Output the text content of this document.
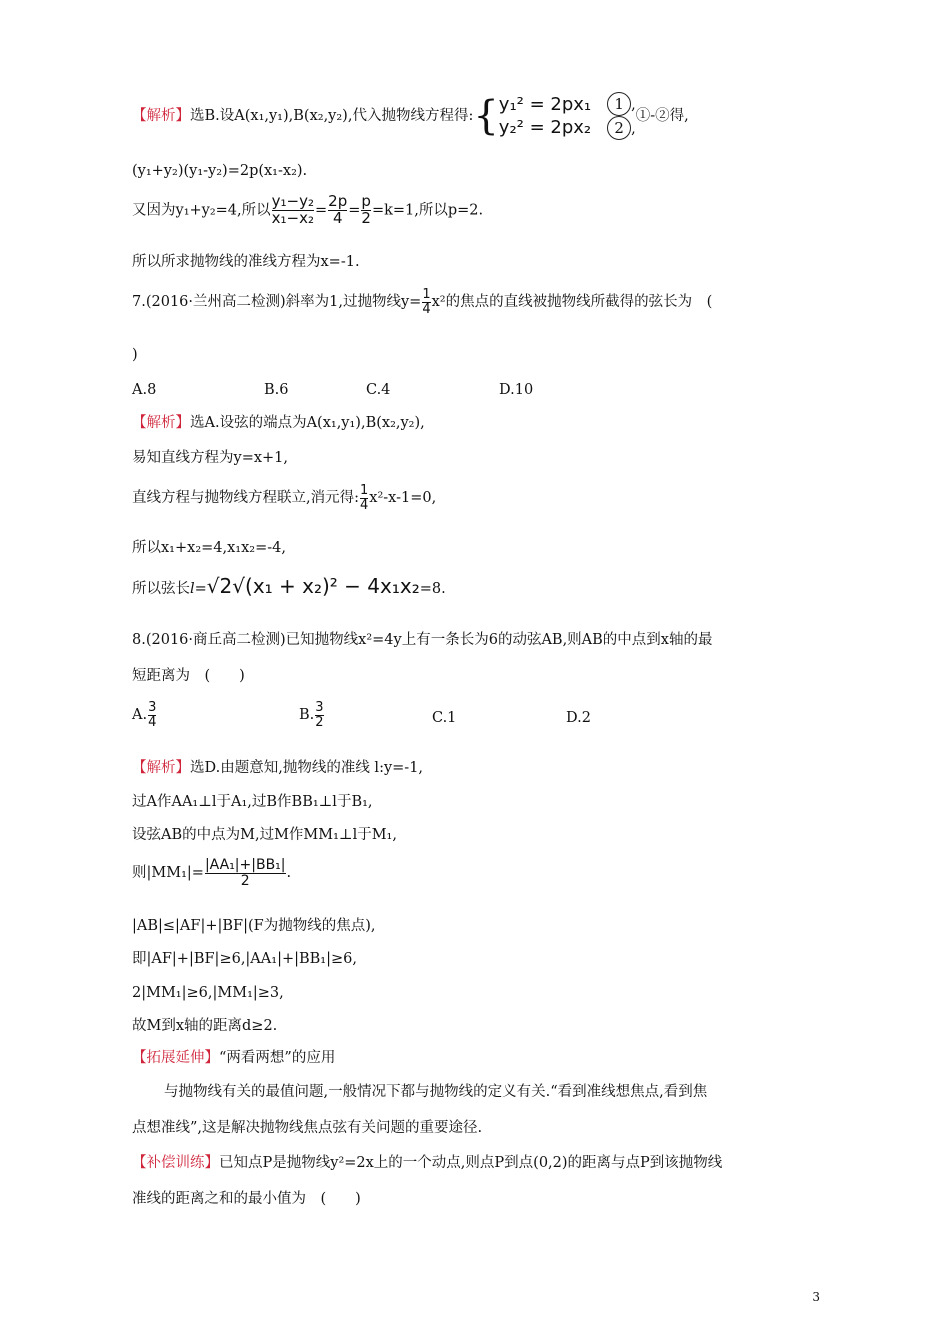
【解析】选B.设A(x₁,y₁),B(x₂,y₂),代入抛物线方程得:{y₁² = 2px₁
y₂² = 2px₂1 ,
2 ,①-②得,
(y₁+y₂)(y₁-y₂)=2p(x₁-x₂).
又因为y₁+y₂=4,所以 $\frac{\text{y₁−y₂}}{\text{x₁−x₂}} = \frac{2p}{4} = \frac{p}{2} =k=1$,所以p=2.
所以所求抛物线的准线方程为x=-1.
7.(2016·兰州高二检测)斜率为1,过抛物线$y= \frac{1}{4} x^2$的焦点的直线被抛物线所截得的弦长为　(
)
A.8	B.6	C.4	D.10
【解析】选A.设弦的端点为A(x₁,y₁),B(x₂,y₂),
易知直线方程为y=x+1,
直线方程与抛物线方程联立,消元得: $\frac{1}{4} x^2-x-1=0$,
所以x₁+x₂=4,x₁x₂=-4,
所以弦长l=√2√(x₁ + x₂)² − 4x₁x₂=8.
8.(2016·商丘高二检测)已知抛物线x²=4y上有一条长为6的动弦AB,则AB的中点到x轴的最
短距离为　(　　)
A. $\frac{3}{4}$	B. $\frac{3}{2}$	C.1	D.2
【解析】选D.由题意知,抛物线的准线 l:y=-1,
过A作AA₁⊥l于A₁,过B作BB₁⊥l于B₁,
设弦AB的中点为M,过M作MM₁⊥l于M₁,
则$|MM_1|= \frac{\text{|AA₁|+|BB₁|}}{2}$ .
|AB|≤|AF|+|BF|(F为抛物线的焦点),
即|AF|+|BF|≥6,|AA₁|+|BB₁|≥6,
2|MM₁|≥6,|MM₁|≥3,
故M到x轴的距离d≥2.
【拓展延伸】“两看两想”的应用
与抛物线有关的最值问题,一般情况下都与抛物线的定义有关.“看到准线想焦点,看到焦
点想准线”,这是解决抛物线焦点弦有关问题的重要途径.
【补偿训练】已知点P是抛物线y²=2x上的一个动点,则点P到点(0,2)的距离与点P到该抛物线
准线的距离之和的最小值为　(　　)
3
